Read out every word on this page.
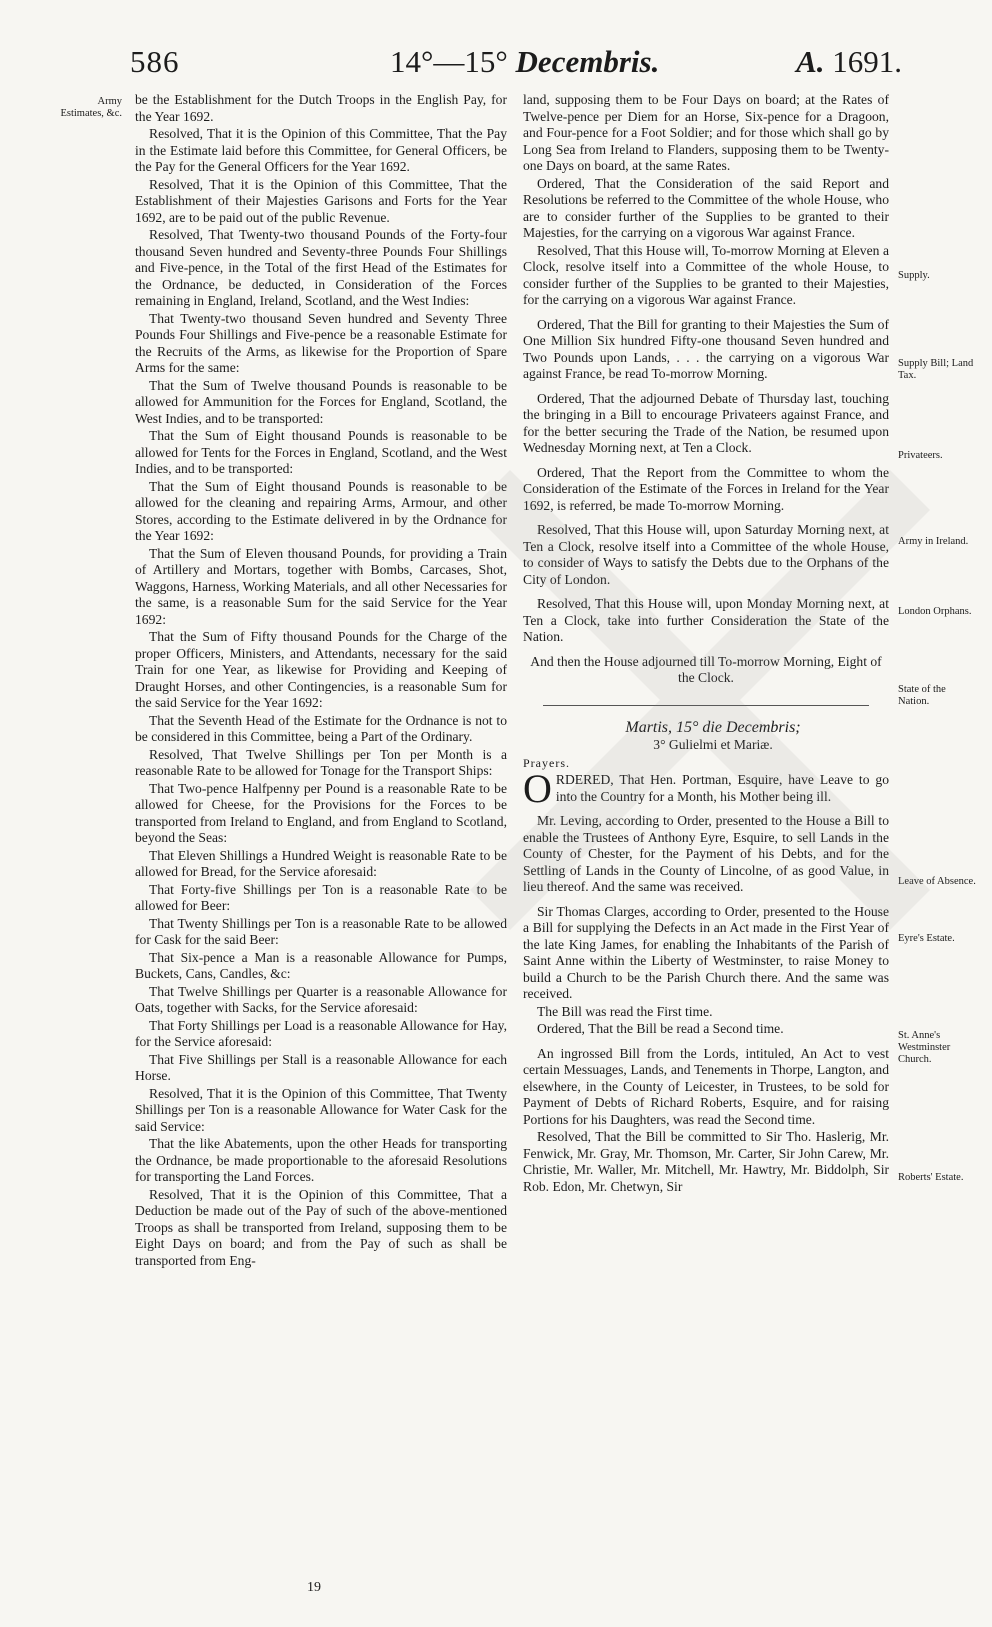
586	14°—15° Decembris.	A. 1691.
Army Estimates, &c.
Supply.
Supply Bill; Land Tax.
Privateers.
Army in Ireland.
London Orphans.
State of the Nation.
Leave of Absence.
Eyre's Estate.
St. Anne's Westminster Church.
Roberts' Estate.

be the Establishment for the Dutch Troops in the English Pay, for the Year 1692.

Resolved, That it is the Opinion of this Committee, That the Pay in the Estimate laid before this Committee, for General Officers, be the Pay for the General Officers for the Year 1692.

Resolved, That it is the Opinion of this Committee, That the Establishment of their Majesties Garisons and Forts for the Year 1692, are to be paid out of the public Revenue.

Resolved, That Twenty-two thousand Pounds of the Forty-four thousand Seven hundred and Seventy-three Pounds Four Shillings and Five-pence, in the Total of the first Head of the Estimates for the Ordnance, be deducted, in Consideration of the Forces remaining in England, Ireland, Scotland, and the West Indies:

That Twenty-two thousand Seven hundred and Seventy Three Pounds Four Shillings and Five-pence be a reasonable Estimate for the Recruits of the Arms, as likewise for the Proportion of Spare Arms for the same:

That the Sum of Twelve thousand Pounds is reasonable to be allowed for Ammunition for the Forces for England, Scotland, the West Indies, and to be transported:

That the Sum of Eight thousand Pounds is reasonable to be allowed for Tents for the Forces in England, Scotland, and the West Indies, and to be transported:

That the Sum of Eight thousand Pounds is reasonable to be allowed for the cleaning and repairing Arms, Armour, and other Stores, according to the Estimate delivered in by the Ordnance for the Year 1692:

That the Sum of Eleven thousand Pounds, for providing a Train of Artillery and Mortars, together with Bombs, Carcases, Shot, Waggons, Harness, Working Materials, and all other Necessaries for the same, is a reasonable Sum for the said Service for the Year 1692:

That the Sum of Fifty thousand Pounds for the Charge of the proper Officers, Ministers, and Attendants, necessary for the said Train for one Year, as likewise for Providing and Keeping of Draught Horses, and other Contingencies, is a reasonable Sum for the said Service for the Year 1692:

That the Seventh Head of the Estimate for the Ordnance is not to be considered in this Committee, being a Part of the Ordinary.

Resolved, That Twelve Shillings per Ton per Month is a reasonable Rate to be allowed for Tonage for the Transport Ships:

That Two-pence Halfpenny per Pound is a reasonable Rate to be allowed for Cheese, for the Provisions for the Forces to be transported from Ireland to England, and from England to Scotland, beyond the Seas:

That Eleven Shillings a Hundred Weight is reasonable Rate to be allowed for Bread, for the Service aforesaid:

That Forty-five Shillings per Ton is a reasonable Rate to be allowed for Beer:

That Twenty Shillings per Ton is a reasonable Rate to be allowed for Cask for the said Beer:

That Six-pence a Man is a reasonable Allowance for Pumps, Buckets, Cans, Candles, &c:

That Twelve Shillings per Quarter is a reasonable Allowance for Oats, together with Sacks, for the Service aforesaid:

That Forty Shillings per Load is a reasonable Allowance for Hay, for the Service aforesaid:

That Five Shillings per Stall is a reasonable Allowance for each Horse.

Resolved, That it is the Opinion of this Committee, That Twenty Shillings per Ton is a reasonable Allowance for Water Cask for the said Service:

That the like Abatements, upon the other Heads for transporting the Ordnance, be made proportionable to the aforesaid Resolutions for transporting the Land Forces.

Resolved, That it is the Opinion of this Committee, That a Deduction be made out of the Pay of such of the above-mentioned Troops as shall be transported from Ireland, supposing them to be Eight Days on board; and from the Pay of such as shall be transported from Eng-

land, supposing them to be Four Days on board; at the Rates of Twelve-pence per Diem for an Horse, Six-pence for a Dragoon, and Four-pence for a Foot Soldier; and for those which shall go by Long Sea from Ireland to Flanders, supposing them to be Twenty-one Days on board, at the same Rates.

Ordered, That the Consideration of the said Report and Resolutions be referred to the Committee of the whole House, who are to consider further of the Supplies to be granted to their Majesties, for the carrying on a vigorous War against France.

Resolved, That this House will, To-morrow Morning at Eleven a Clock, resolve itself into a Committee of the whole House, to consider further of the Supplies to be granted to their Majesties, for the carrying on a vigorous War against France.

Ordered, That the Bill for granting to their Majesties the Sum of One Million Six hundred Fifty-one thousand Seven hundred and Two Pounds upon Lands, . . . the carrying on a vigorous War against France, be read To-morrow Morning.

Ordered, That the adjourned Debate of Thursday last, touching the bringing in a Bill to encourage Privateers against France, and for the better securing the Trade of the Nation, be resumed upon Wednesday Morning next, at Ten a Clock.

Ordered, That the Report from the Committee to whom the Consideration of the Estimate of the Forces in Ireland for the Year 1692, is referred, be made To-morrow Morning.

Resolved, That this House will, upon Saturday Morning next, at Ten a Clock, resolve itself into a Committee of the whole House, to consider of Ways to satisfy the Debts due to the Orphans of the City of London.

Resolved, That this House will, upon Monday Morning next, at Ten a Clock, take into further Consideration the State of the Nation.

And then the House adjourned till To-morrow Morning, Eight of the Clock.

Martis, 15° die Decembris;

3° Gulielmi et Mariæ.

Prayers.

ORDERED, That Hen. Portman, Esquire, have Leave to go into the Country for a Month, his Mother being ill.

Mr. Leving, according to Order, presented to the House a Bill to enable the Trustees of Anthony Eyre, Esquire, to sell Lands in the County of Chester, for the Payment of his Debts, and for the Settling of Lands in the County of Lincolne, of as good Value, in lieu thereof. And the same was received.

Sir Thomas Clarges, according to Order, presented to the House a Bill for supplying the Defects in an Act made in the First Year of the late King James, for enabling the Inhabitants of the Parish of Saint Anne within the Liberty of Westminster, to raise Money to build a Church to be the Parish Church there. And the same was received.

The Bill was read the First time.

Ordered, That the Bill be read a Second time.

An ingrossed Bill from the Lords, intituled, An Act to vest certain Messuages, Lands, and Tenements in Thorpe, Langton, and elsewhere, in the County of Leicester, in Trustees, to be sold for Payment of Debts of Richard Roberts, Esquire, and for raising Portions for his Daughters, was read the Second time.

Resolved, That the Bill be committed to Sir Tho. Haslerig, Mr. Fenwick, Mr. Gray, Mr. Thomson, Mr. Carter, Sir John Carew, Mr. Christie, Mr. Waller, Mr. Mitchell, Mr. Hawtry, Mr. Biddolph, Sir Rob. Edon, Mr. Chetwyn, Sir

19
